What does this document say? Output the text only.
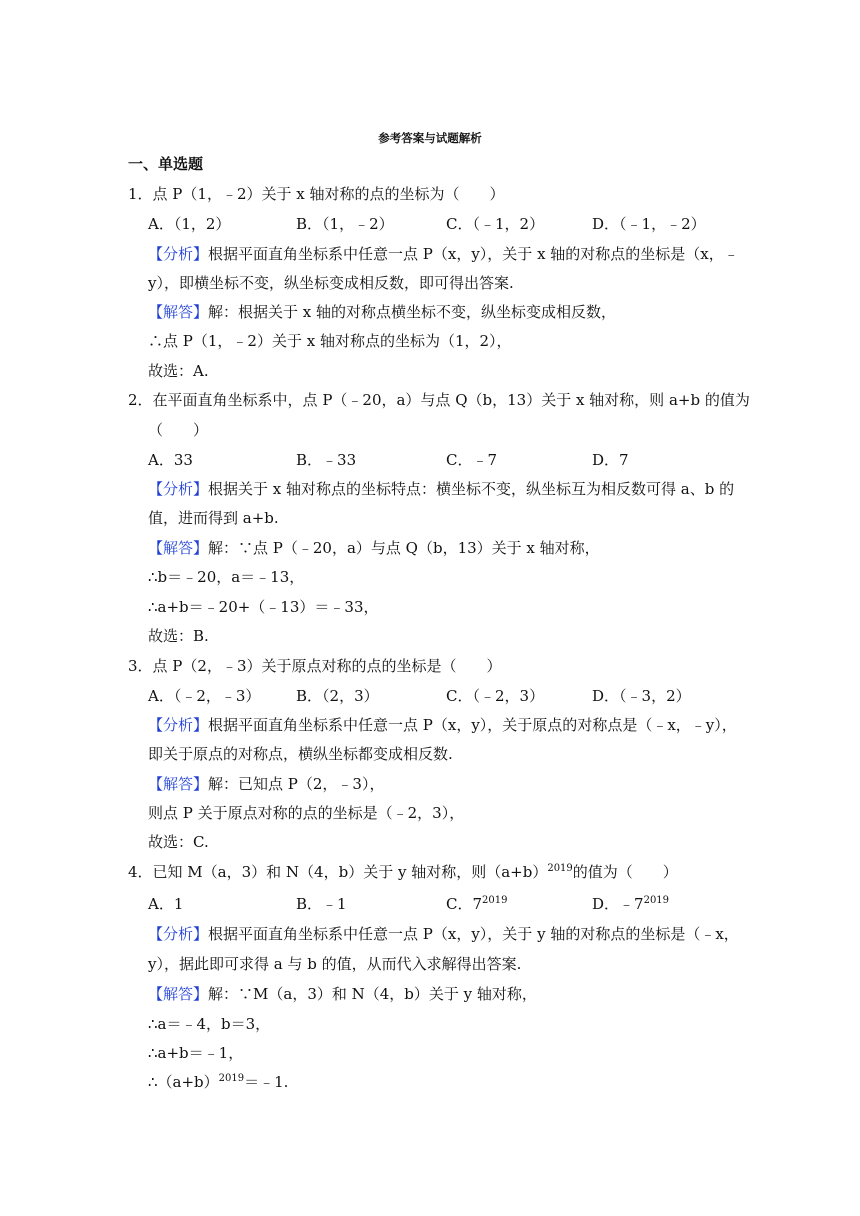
参考答案与试题解析
一、单选题
1．点 P（1，﹣2）关于 x 轴对称的点的坐标为（　　）
A．（1，2）	B．（1，﹣2）	C．（﹣1，2）	D．（﹣1，﹣2）
【分析】根据平面直角坐标系中任意一点 P（x，y），关于 x 轴的对称点的坐标是（x，﹣
y），即横坐标不变，纵坐标变成相反数，即可得出答案.
【解答】解：根据关于 x 轴的对称点横坐标不变，纵坐标变成相反数，
∴点 P（1，﹣2）关于 x 轴对称点的坐标为（1，2），
故选：A.
2．在平面直角坐标系中，点 P（﹣20，a）与点 Q（b，13）关于 x 轴对称，则 a+b 的值为
（　　）
A．33	B．﹣33	C．﹣7	D．7
【分析】根据关于 x 轴对称点的坐标特点：横坐标不变，纵坐标互为相反数可得 a、b 的
值，进而得到 a+b.
【解答】解：∵点 P（﹣20，a）与点 Q（b，13）关于 x 轴对称，
∴b＝﹣20，a＝﹣13，
∴a+b＝﹣20+（﹣13）＝﹣33，
故选：B.
3．点 P（2，﹣3）关于原点对称的点的坐标是（　　）
A．（﹣2，﹣3） B．（2，3）	C．（﹣2，3）	D．（﹣3，2）
【分析】根据平面直角坐标系中任意一点 P（x，y），关于原点的对称点是（﹣x，﹣y），
即关于原点的对称点，横纵坐标都变成相反数.
【解答】解：已知点 P（2，﹣3），
则点 P 关于原点对称的点的坐标是（﹣2，3），
故选：C.
4．已知 M（a，3）和 N（4，b）关于 y 轴对称，则$(a+b)^{2019}$的值为（　　）
A．1	B．﹣1	C．$7^{2019}$	D．$﹣7^{2019}$
【分析】根据平面直角坐标系中任意一点 P（x，y），关于 y 轴的对称点的坐标是（﹣x，
y），据此即可求得 a 与 b 的值，从而代入求解得出答案.
【解答】解：∵M（a，3）和 N（4，b）关于 y 轴对称，
∴a＝﹣4，b＝3，
∴a+b＝﹣1，
$\therefore(a+b)^{2019}=﹣1$.
